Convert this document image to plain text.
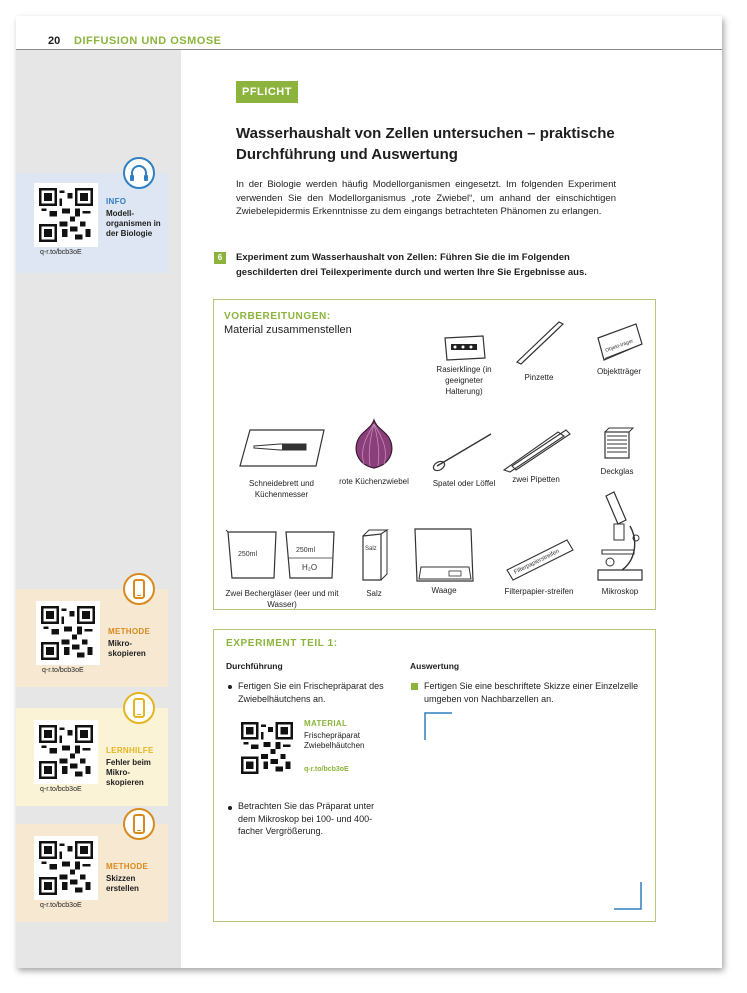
20 DIFFUSION UND OSMOSE
PFLICHT
Wasserhaushalt von Zellen untersuchen – praktische Durchführung und Auswertung
In der Biologie werden häufig Modellorganismen eingesetzt. Im folgenden Experiment verwenden Sie den Modellorganismus „rote Zwiebel“, um anhand der einschichtigen Zwiebelepidermis Erkenntnisse zu dem eingangs betrachteten Phänomen zu erlangen.
6	Experiment zum Wasserhaushalt von Zellen: Führen Sie die im Folgenden geschilderten drei Teilexperimente durch und werten Ihre Sie Ergebnisse aus.
VORBEREITUNGEN:
Material zusammenstellen
Rasierklinge (in geeigneter Halterung)
Pinzette
Objekt-träger
Objektträger
Schneidebrett und Küchenmesser
rote Küchenzwiebel	Spatel oder Löffel	zwei Pipetten
Deckglas
250ml
250ml
H₂O
Zwei Bechergläser (leer und mit Wasser)
Salz
Salz	Waage
Filterpapierstreifen
Filterpapier-streifen	Mikroskop
EXPERIMENT TEIL 1:
Durchführung	Auswertung
Fertigen Sie ein Frischepräparat des Zwiebelhäutchens an.
MATERIAL
Frischepräparat Zwiebelhäutchen
q-r.to/bcb3oE
Betrachten Sie das Präparat unter dem Mikroskop bei 100- und 400-facher Vergrößerung.
Fertigen Sie eine beschriftete Skizze einer Einzelzelle umgeben von Nachbarzellen an.
q-r.to/bcb3oE
INFO
Modell-organismen in der Biologie
q-r.to/bcb3oE
METHODE
Mikro-skopieren
q-r.to/bcb3oE
LERNHILFE
Fehler beim Mikro-skopieren
q-r.to/bcb3oE
METHODE
Skizzen erstellen
